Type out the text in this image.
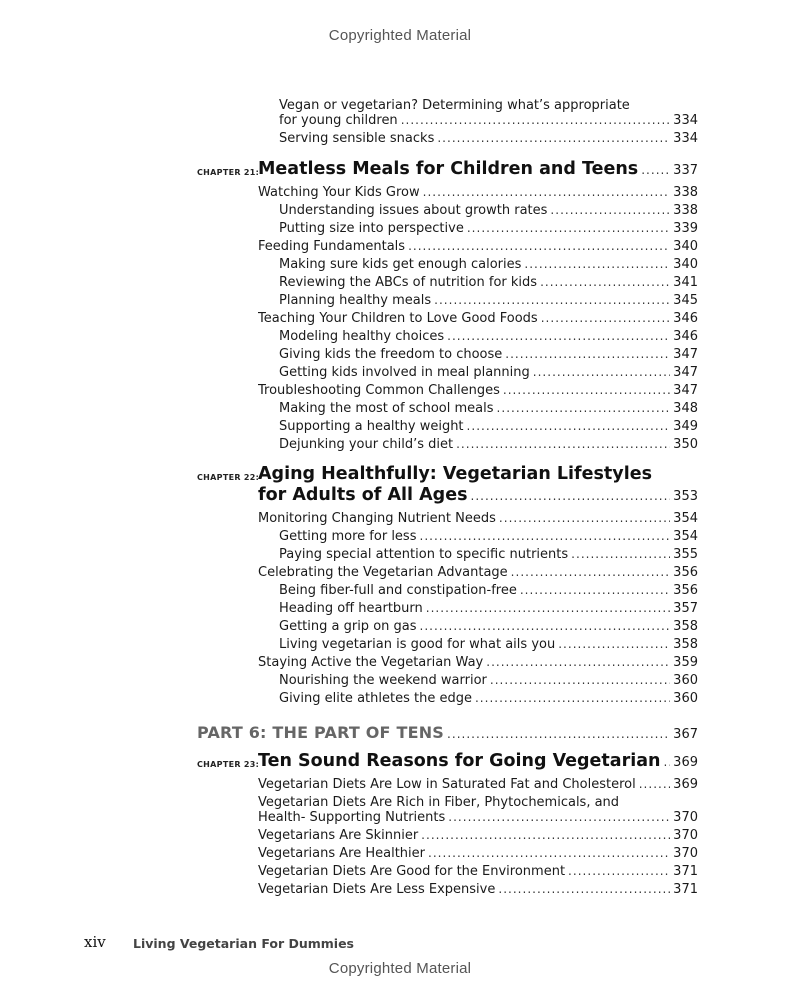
Copyrighted Material
Vegan or vegetarian? Determining what’s appropriate
for young children . . .	334
Serving sensible snacks . . .	334
CHAPTER 21:
Meatless Meals for Children and Teens . . .	337
Watching Your Kids Grow . . .	338
Understanding issues about growth rates . . .	338
Putting size into perspective . . .	339
Feeding Fundamentals . . .	340
Making sure kids get enough calories . . .	340
Reviewing the ABCs of nutrition for kids . . .	341
Planning healthy meals . . .	345
Teaching Your Children to Love Good Foods . . .	346
Modeling healthy choices . . .	346
Giving kids the freedom to choose . . .	347
Getting kids involved in meal planning . . .	347
Troubleshooting Common Challenges . . .	347
Making the most of school meals . . .	348
Supporting a healthy weight . . .	349
Dejunking your child’s diet . . .	350
CHAPTER 22:
Aging Healthfully: Vegetarian Lifestyles
for Adults of All Ages . . .	353
Monitoring Changing Nutrient Needs . . .	354
Getting more for less . . .	354
Paying special attention to specific nutrients . . .	355
Celebrating the Vegetarian Advantage . . .	356
Being fiber-full and constipation-free . . .	356
Heading off heartburn . . .	357
Getting a grip on gas . . .	358
Living vegetarian is good for what ails you . . .	358
Staying Active the Vegetarian Way . . .	359
Nourishing the weekend warrior . . .	360
Giving elite athletes the edge . . .	360
PART 6: THE PART OF TENS . . .	367
CHAPTER 23:
Ten Sound Reasons for Going Vegetarian . . . 369
Vegetarian Diets Are Low in Saturated Fat and Cholesterol . . .	369
Vegetarian Diets Are Rich in Fiber, Phytochemicals, and
Health- Supporting Nutrients . . .	370
Vegetarians Are Skinnier . . .	370
Vegetarians Are Healthier . . .	370
Vegetarian Diets Are Good for the Environment . . .	371
Vegetarian Diets Are Less Expensive . . .	371
xiv Living Vegetarian For Dummies
Copyrighted Material
